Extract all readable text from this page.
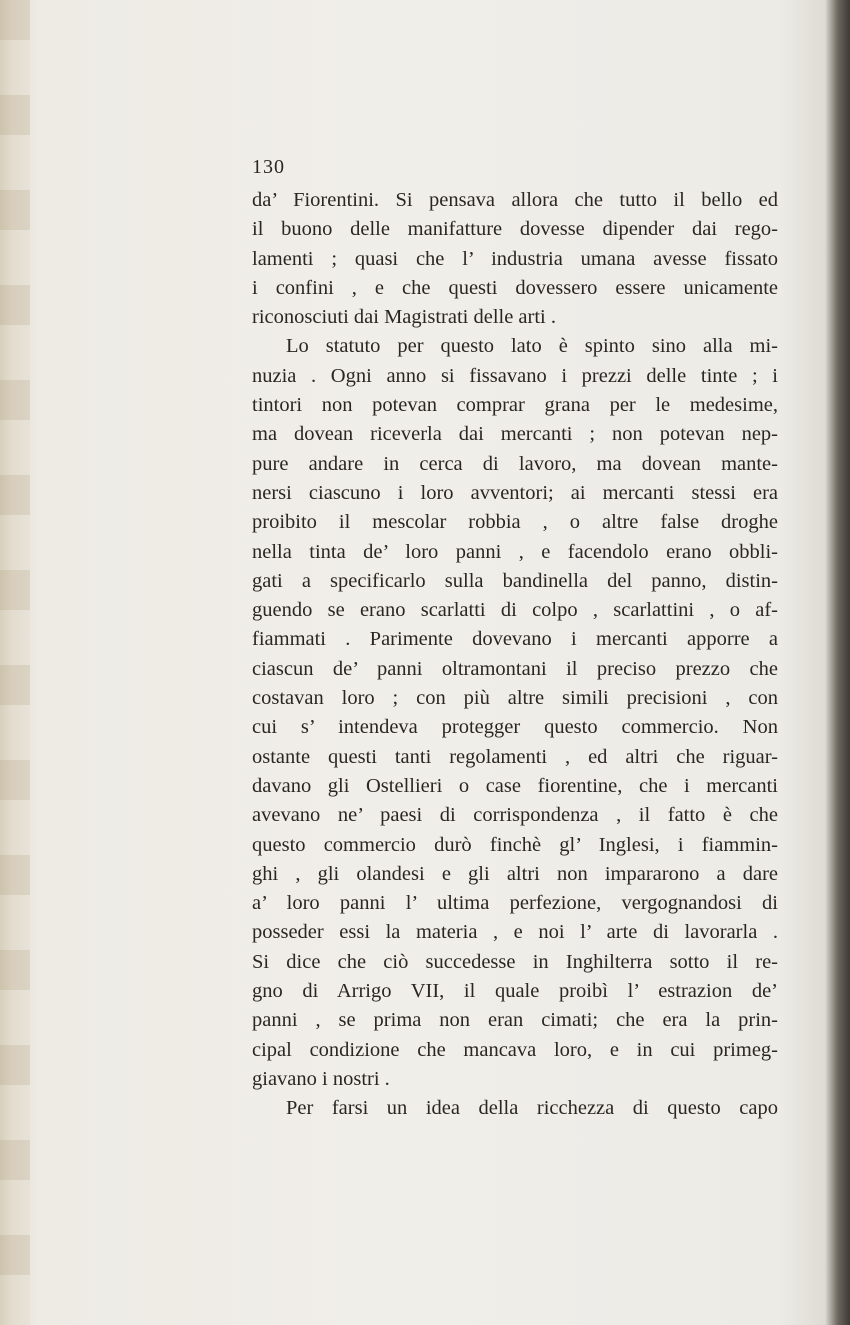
130
da’ Fiorentini. Si pensava allora che tutto il bello ed
il buono delle manifatture dovesse dipender dai rego-
lamenti ; quasi che l’ industria umana avesse fissato
i confini , e che questi dovessero essere unicamente
riconosciuti dai Magistrati delle arti .
Lo statuto per questo lato è spinto sino alla mi-
nuzia . Ogni anno si fissavano i prezzi delle tinte ; i
tintori non potevan comprar grana per le medesime,
ma dovean riceverla dai mercanti ; non potevan nep-
pure andare in cerca di lavoro, ma dovean mante-
nersi ciascuno i loro avventori; ai mercanti stessi era
proibito il mescolar robbia , o altre false droghe
nella tinta de’ loro panni , e facendolo erano obbli-
gati a specificarlo sulla bandinella del panno, distin-
guendo se erano scarlatti di colpo , scarlattini , o af-
fiammati . Parimente dovevano i mercanti apporre a
ciascun de’ panni oltramontani il preciso prezzo che
costavan loro ; con più altre simili precisioni , con
cui s’ intendeva protegger questo commercio. Non
ostante questi tanti regolamenti , ed altri che riguar-
davano gli Ostellieri o case fiorentine, che i mercanti
avevano ne’ paesi di corrispondenza , il fatto è che
questo commercio durò finchè gl’ Inglesi, i fiammin-
ghi , gli olandesi e gli altri non impararono a dare
a’ loro panni l’ ultima perfezione, vergognandosi di
posseder essi la materia , e noi l’ arte di lavorarla .
Si dice che ciò succedesse in Inghilterra sotto il re-
gno di Arrigo VII, il quale proibì l’ estrazion de’
panni , se prima non eran cimati; che era la prin-
cipal condizione che mancava loro, e in cui primeg-
giavano i nostri .
Per farsi un idea della ricchezza di questo capo
